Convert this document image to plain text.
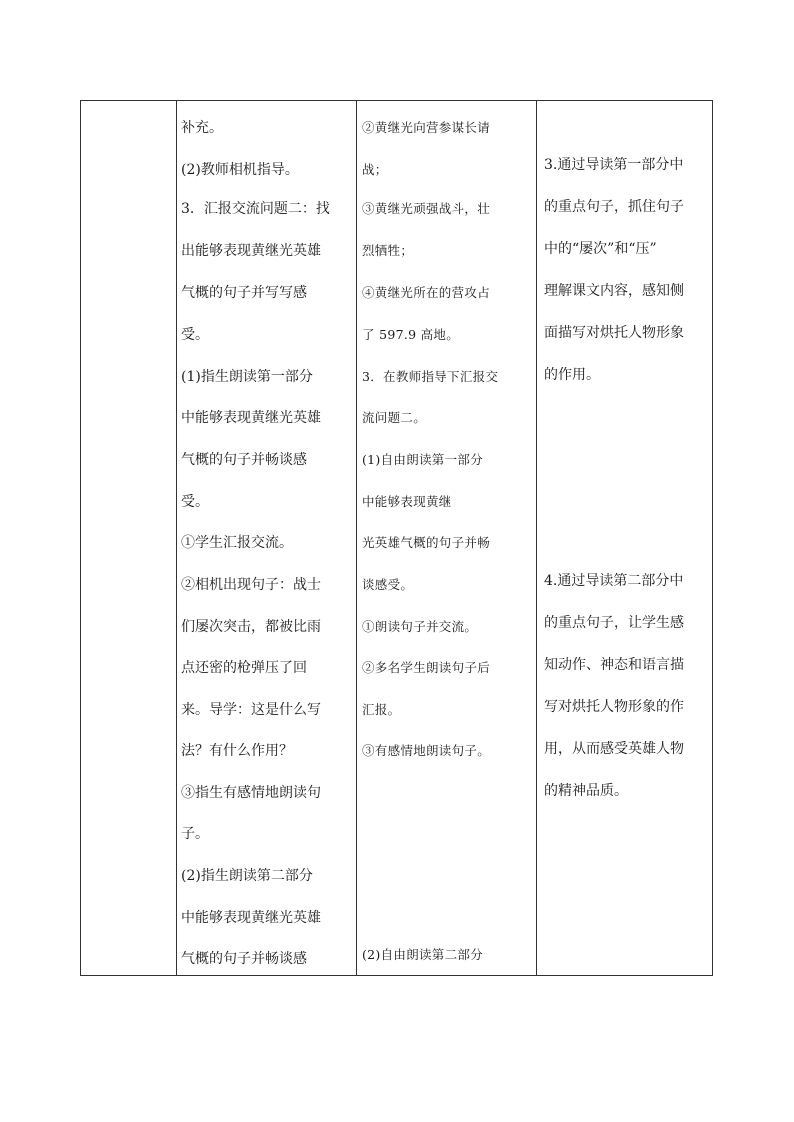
补充。
(2)教师相机指导。
3．汇报交流问题二：找
出能够表现黄继光英雄
气概的句子并写写感
受。
(1)指生朗读第一部分
中能够表现黄继光英雄
气概的句子并畅谈感
受。
①学生汇报交流。
②相机出现句子：战士
们屡次突击，都被比雨
点还密的枪弹压了回
来。导学：这是什么写
法？有什么作用？
③指生有感情地朗读句
子。
(2)指生朗读第二部分
中能够表现黄继光英雄
气概的句子并畅谈感
②黄继光向营参谋长请
战；
③黄继光顽强战斗，壮
烈牺牲；
④黄继光所在的营攻占
了 597.9 高地。
3．在教师指导下汇报交
流问题二。
(1)自由朗读第一部分
中能够表现黄继
光英雄气概的句子并畅
谈感受。
①朗读句子并交流。
②多名学生朗读句子后
汇报。
③有感情地朗读句子。
(2)自由朗读第二部分
3.通过导读第一部分中
的重点句子，抓住句子
中的“屡次”和“压”
理解课文内容，感知侧
面描写对烘托人物形象
的作用。
4.通过导读第二部分中
的重点句子，让学生感
知动作、神态和语言描
写对烘托人物形象的作
用，从而感受英雄人物
的精神品质。
